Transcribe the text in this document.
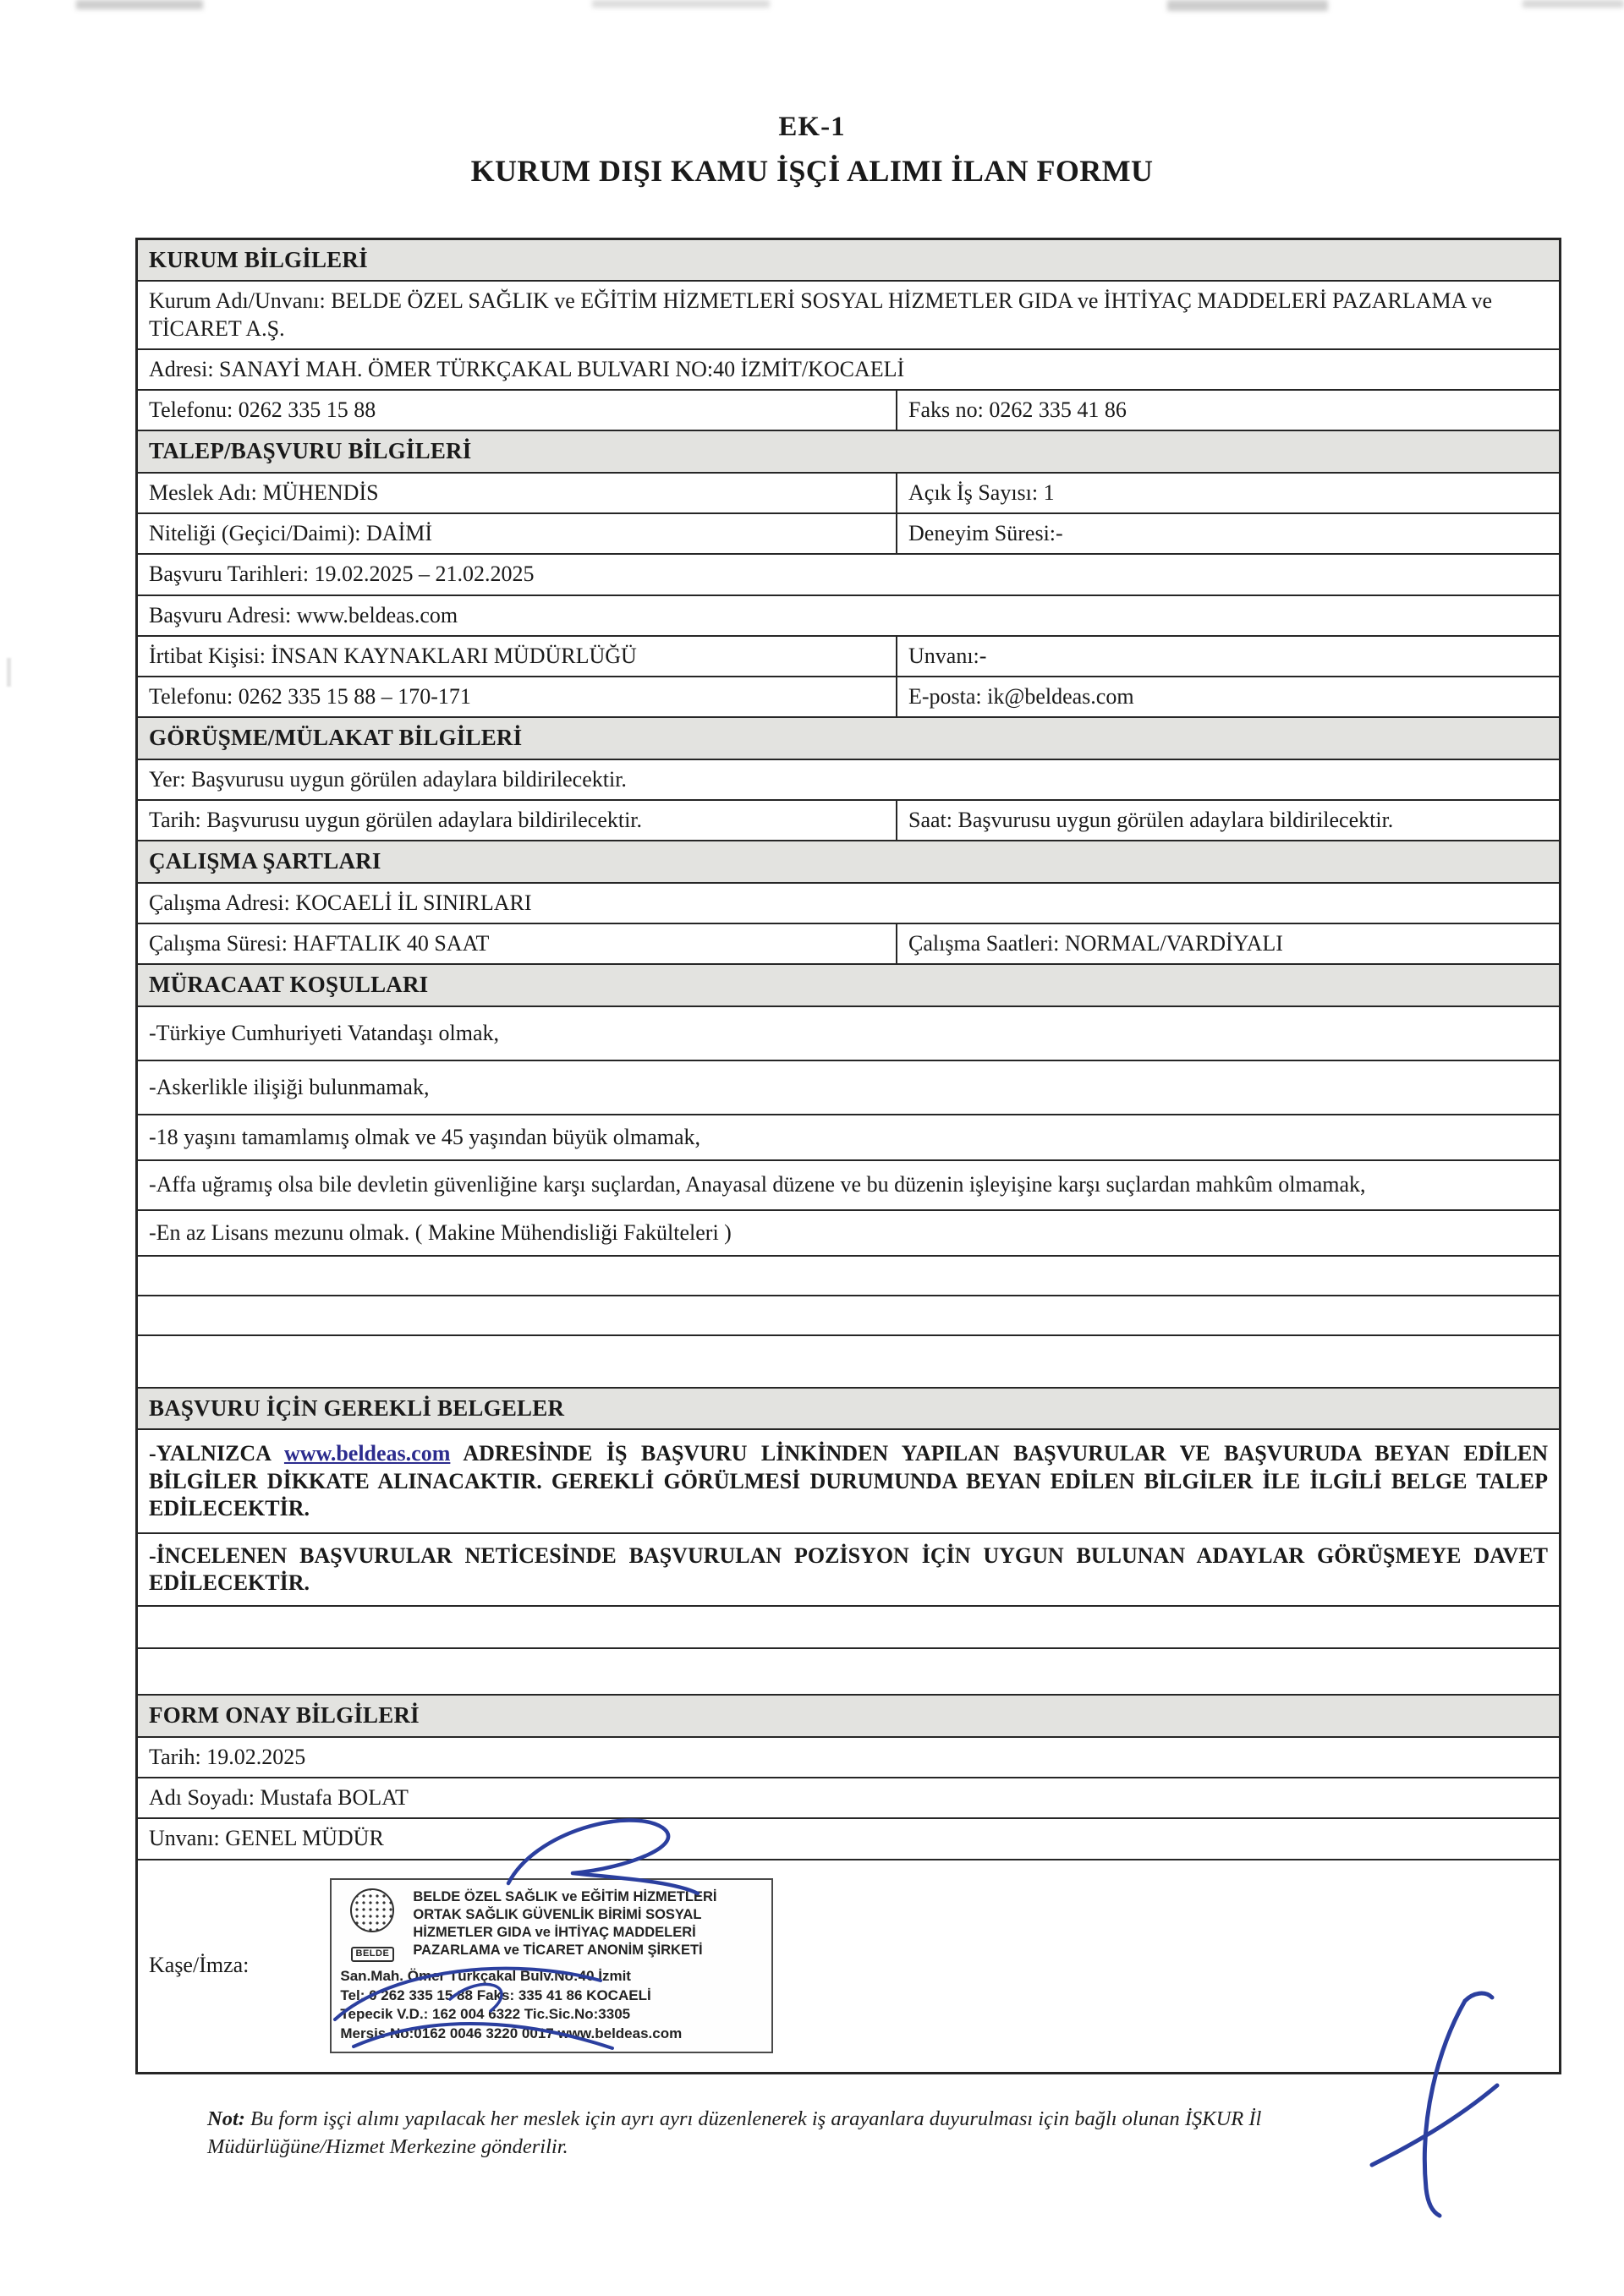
EK-1
KURUM DIŞI KAMU İŞÇİ ALIMI İLAN FORMU
KURUM BİLGİLERİ
Kurum Adı/Unvanı: BELDE ÖZEL SAĞLIK ve EĞİTİM HİZMETLERİ SOSYAL HİZMETLER GIDA ve İHTİYAÇ MADDELERİ PAZARLAMA ve TİCARET A.Ş.
Adresi: SANAYİ MAH. ÖMER TÜRKÇAKAL BULVARI NO:40 İZMİT/KOCAELİ
Telefonu: 0262 335 15 88	Faks no: 0262 335 41 86
TALEP/BAŞVURU BİLGİLERİ
Meslek Adı: MÜHENDİS	Açık İş Sayısı: 1
Niteliği (Geçici/Daimi): DAİMİ	Deneyim Süresi:-
Başvuru Tarihleri: 19.02.2025 – 21.02.2025
Başvuru Adresi: www.beldeas.com
İrtibat Kişisi: İNSAN KAYNAKLARI MÜDÜRLÜĞÜ	Unvanı:-
Telefonu: 0262 335 15 88 – 170-171	E-posta: ik@beldeas.com
GÖRÜŞME/MÜLAKAT BİLGİLERİ
Yer: Başvurusu uygun görülen adaylara bildirilecektir.
Tarih: Başvurusu uygun görülen adaylara bildirilecektir.	Saat: Başvurusu uygun görülen adaylara bildirilecektir.
ÇALIŞMA ŞARTLARI
Çalışma Adresi: KOCAELİ İL SINIRLARI
Çalışma Süresi: HAFTALIK 40 SAAT	Çalışma Saatleri: NORMAL/VARDİYALI
MÜRACAAT KOŞULLARI
-Türkiye Cumhuriyeti Vatandaşı olmak,
-Askerlikle ilişiği bulunmamak,
-18 yaşını tamamlamış olmak ve 45 yaşından büyük olmamak,
-Affa uğramış olsa bile devletin güvenliğine karşı suçlardan, Anayasal düzene ve bu düzenin işleyişine karşı suçlardan mahkûm olmamak,
-En az Lisans mezunu olmak. ( Makine Mühendisliği Fakülteleri )
BAŞVURU İÇİN GEREKLİ BELGELER
-YALNIZCA www.beldeas.com ADRESİNDE İŞ BAŞVURU LİNKİNDEN YAPILAN BAŞVURULAR VE BAŞVURUDA BEYAN EDİLEN BİLGİLER DİKKATE ALINACAKTIR. GEREKLİ GÖRÜLMESİ DURUMUNDA BEYAN EDİLEN BİLGİLER İLE İLGİLİ BELGE TALEP EDİLECEKTİR.
-İNCELENEN BAŞVURULAR NETİCESİNDE BAŞVURULAN POZİSYON İÇİN UYGUN BULUNAN ADAYLAR GÖRÜŞMEYE DAVET EDİLECEKTİR.
FORM ONAY BİLGİLERİ
Tarih: 19.02.2025
Adı Soyadı: Mustafa BOLAT
Unvanı: GENEL MÜDÜR
Kaşe/İmza:	BELDE
BELDE ÖZEL SAĞLIK ve EĞİTİM HİZMETLERİ
ORTAK SAĞLIK GÜVENLİK BİRİMİ SOSYAL
HİZMETLER GIDA ve İHTİYAÇ MADDELERİ
PAZARLAMA ve TİCARET ANONİM ŞİRKETİ
San.Mah. Ömer Türkçakal Bulv.No:40 İzmit
Tel: 0 262 335 15 88 Faks: 335 41 86 KOCAELİ
Tepecik V.D.: 162 004 6322 Tic.Sic.No:3305
Mersis No:0162 0046 3220 0017 www.beldeas.com
Not: Bu form işçi alımı yapılacak her meslek için ayrı ayrı düzenlenerek iş arayanlara duyurulması için bağlı olunan İŞKUR İl Müdürlüğüne/Hizmet Merkezine gönderilir.
